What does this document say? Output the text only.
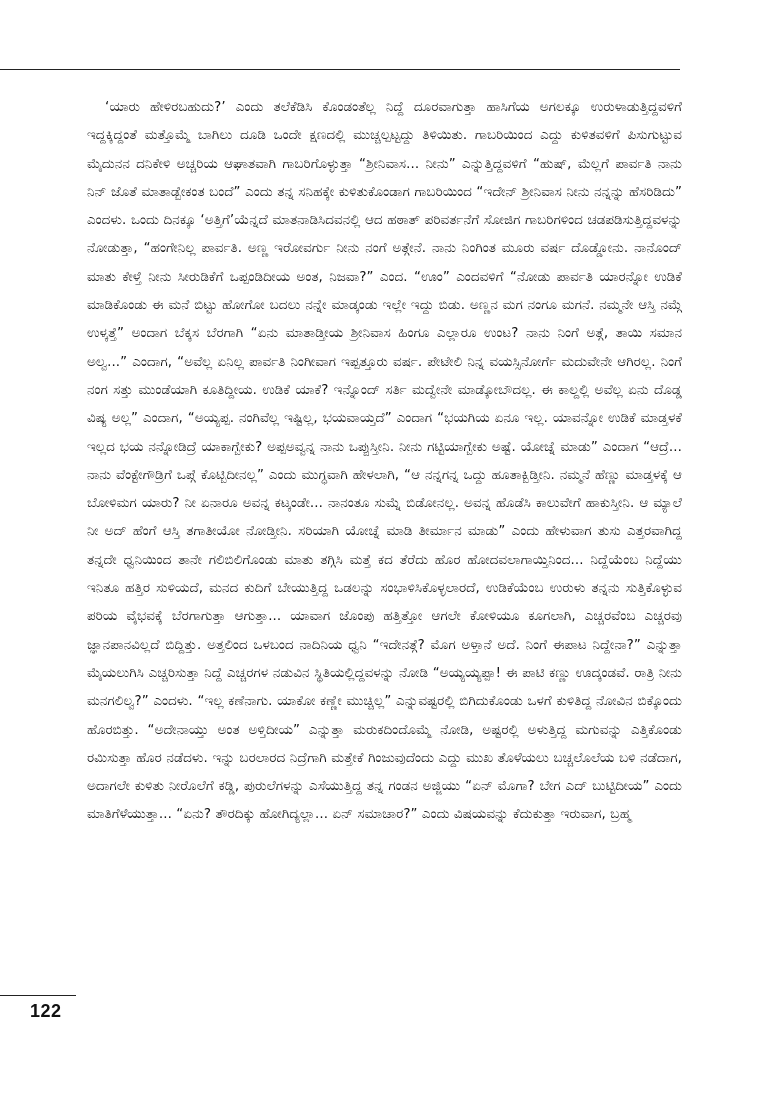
‘ಯಾರು ಹೇಳಿರಬಹುದು?’ ಎಂದು ತಲೆಕೆಡಿಸಿ ಕೊಂಡಂತೆಲ್ಲ ನಿದ್ದೆ ದೂರವಾಗುತ್ತಾ ಹಾಸಿಗೆಯ ಅಗಲಕ್ಕೂ ಉರುಳಾಡುತ್ತಿದ್ದವಳಿಗೆ ಇದ್ದಕ್ಕಿದ್ದಂತೆ ಮತ್ತೊಮ್ಮೆ ಬಾಗಿಲು ದೂಡಿ ಒಂದೇ ಕ್ಷಣದಲ್ಲಿ ಮುಚ್ಚಲ್ಪಟ್ಟದ್ದು ತಿಳಿಯಿತು. ಗಾಬರಿಯಿಂದ ಎದ್ದು ಕುಳಿತವಳಿಗೆ ಪಿಸುಗುಟ್ಟುವ ಮೈದುನನ ದನಿಕೇಳಿ ಅಚ್ಚರಿಯ ಆಘಾತವಾಗಿ ಗಾಬರಿಗೊಳ್ಳುತ್ತಾ “ಶ್ರೀನಿವಾಸ... ನೀನು” ಎನ್ನುತ್ತಿದ್ದವಳಿಗೆ “ಹುಷ್, ಮೆಲ್ಲಗೆ ಪಾರ್ವತಿ ನಾನು ನಿನ್ ಜೊತೆ ಮಾತಾಡ್ಬೇಕಂತ ಬಂದೆ” ಎಂದು ತನ್ನ ಸನಿಹಕ್ಕೇ ಕುಳಿತುಕೊಂಡಾಗ ಗಾಬರಿಯಿಂದ “ಇದೇನ್ ಶ್ರೀನಿವಾಸ ನೀನು ನನ್ನನ್ನು ಹೆಸರಿಡಿದು” ಎಂದಳು. ಒಂದು ದಿನಕ್ಕೂ ‘ಅತ್ತಿಗೆ’ಯೆನ್ನದೆ ಮಾತನಾಡಿಸಿದವನಲ್ಲಿ ಆದ ಹಠಾತ್ ಪರಿವರ್ತನೆಗೆ ಸೋಜಿಗ ಗಾಬರಿಗಳಿಂದ ಚಡಪಡಿಸುತ್ತಿದ್ದವಳನ್ನು ನೋಡುತ್ತಾ, “ಹಂಗೇನಿಲ್ಲ ಪಾರ್ವತಿ. ಅಣ್ಣ ಇರೋವರ್ಗು ನೀನು ನಂಗೆ ಅತ್ಗೇನೆ. ನಾನು ನಿಂಗಿಂತ ಮೂರು ವರ್ಷ ದೊಡ್ಡೋನು. ನಾನೊಂದ್ ಮಾತು ಕೇಳ್ತೆ ನೀನು ಸೀರುಡಿಕೆಗೆ ಒಪ್ಪಂಡಿದೀಯ ಅಂತ, ನಿಜವಾ?” ಎಂದ. “ಊಂ” ಎಂದವಳಿಗೆ “ನೋಡು ಪಾರ್ವತಿ ಯಾರನ್ನೋ ಉಡಿಕೆ ಮಾಡಿಕೊಂಡು ಈ ಮನೆ ಬಿಟ್ಟು ಹೋಗೋ ಬದಲು ನನ್ನೇ ಮಾಡ್ಕಂಡು ಇಲ್ಲೇ ಇದ್ದು ಬಿಡು. ಅಣ್ಣನ ಮಗ ನಂಗೂ ಮಗನೆ. ನಮ್ಮನೇ ಆಸ್ತಿ ನಮ್ಗೆ ಉಳ್ಕತ್ತೆ” ಅಂದಾಗ ಬೆಕ್ಕಸ ಬೆರಗಾಗಿ “ಏನು ಮಾತಾಡ್ತೀಯ ಶ್ರೀನಿವಾಸ ಹಿಂಗೂ ಎಲ್ಲಾರೂ ಉಂಟ? ನಾನು ನಿಂಗೆ ಅತ್ಗೆ, ತಾಯಿ ಸಮಾನ ಅಲ್ವ...” ಎಂದಾಗ, “ಅವೆಲ್ಲ ಏನಿಲ್ಲ ಪಾರ್ವತಿ ನಿಂಗೀವಾಗ ಇಪ್ಪತ್ತೂರು ವರ್ಷ. ಪೇಟೇಲಿ ನಿನ್ನ ವಯಸ್ಸಿನೋರ್ಗೆ ಮದುವೇನೇ ಆಗಿರಲ್ಲ. ನಿಂಗೆ ನಂಗ ಸತ್ತು ಮುಂಡೆಯಾಗಿ ಕೂತಿದ್ದೀಯ. ಉಡಿಕೆ ಯಾಕೆ? ಇನ್ನೊಂದ್ ಸರ್ತಿ ಮದ್ವೇನೇ ಮಾಡ್ಕೋಬೌದಲ್ಲ. ಈ ಕಾಲ್ದಲ್ಲಿ ಅವೆಲ್ಲ ಏನು ದೊಡ್ಡ ವಿಷ್ಯ ಅಲ್ಲ” ಎಂದಾಗ, “ಅಯ್ಯಪ್ಪ. ನಂಗಿವೆಲ್ಲ ಇಷ್ಟಿಲ್ಲ, ಭಯವಾಯ್ತದೆ” ಎಂದಾಗ “ಭಯಗಿಯ ಏನೂ ಇಲ್ಲ. ಯಾವನ್ನೋ ಉಡಿಕೆ ಮಾಡ್ತಳಕೆ ಇಲ್ಲದ ಭಯ ನನ್ನೋಡಿದ್ರೆ ಯಾಕಾಗ್ಬೇಕು? ಅಪ್ಪಅವ್ವನ್ನ ನಾನು ಒಪ್ಪುಸ್ತೀನಿ. ನೀನು ಗಟ್ಟಿಯಾಗ್ಬೇಕು ಅಷ್ಟೆ. ಯೋಚ್ನೆ ಮಾಡು” ಎಂದಾಗ “ಆದ್ರೆ... ನಾನು ವೆಂಕ್ಟೇಗೌಡ್ರಿಗೆ ಒಪ್ಗೆ ಕೊಟ್ಬಿದೀನಲ್ಲ” ಎಂದು ಮುಗ್ಧವಾಗಿ ಹೇಳಲಾಗಿ, “ಆ ನನ್ನಗನ್ನ ಒದ್ದು ಹೂತಾಕ್ಬಿಡ್ತೀನಿ. ನಮ್ಮನೆ ಹೆಣ್ಣು ಮಾಡ್ತಳಕ್ಕೆ ಆ ಬೋಳಿಮಗ ಯಾರು? ನೀ ಏನಾರೂ ಅವನ್ನ ಕಟ್ಕಂಡೇ... ನಾನಂತೂ ಸುಮ್ನೆ ಬಿಡೋನಲ್ಲ. ಅವನ್ನ ಹೊಡೆಸಿ ಕಾಲುವೇಗೆ ಹಾಕುಸ್ತೀನಿ. ಆ ಮ್ಯಾಲೆ ನೀ ಅದ್ ಹೆಂಗೆ ಆಸ್ತಿ ತಗಾತೀಯೋ ನೋಡ್ತೀನಿ. ಸರಿಯಾಗಿ ಯೋಚ್ನೆ ಮಾಡಿ ತೀರ್ಮಾನ ಮಾಡು” ಎಂದು ಹೇಳುವಾಗ ತುಸು ಎತ್ತರವಾಗಿದ್ದ ತನ್ನದೇ ಧ್ವನಿಯಿಂದ ತಾನೇ ಗಲಿಬಿಲಿಗೊಂಡು ಮಾತು ತಗ್ಗಿಸಿ ಮತ್ತೆ ಕದ ತೆರೆದು ಹೊರ ಹೋದವಲಾಗಾಯ್ತಿನಿಂದ... ನಿದ್ದೆಯೆಂಬ ನಿದ್ದೆಯು ಇನಿತೂ ಹತ್ತಿರ ಸುಳಿಯದೆ, ಮನದ ಕುದಿಗೆ ಬೇಯುತ್ತಿದ್ದ ಒಡಲನ್ನು ಸಂಭಾಳಿಸಿಕೊಳ್ಳಲಾರದೆ, ಉಡಿಕೆಯೆಂಬ ಉರುಳು ತನ್ನನು ಸುತ್ತಿಕೊಳ್ಳುವ ಪರಿಯ ವೈಭವಕ್ಕೆ ಬೆರಗಾಗುತ್ತಾ ಆಗುತ್ತಾ... ಯಾವಾಗ ಜೊಂಪು ಹತ್ತಿತ್ತೋ ಆಗಲೇ ಕೋಳಿಯೂ ಕೂಗಲಾಗಿ, ಎಚ್ಚರವೆಂಬ ಎಚ್ಚರವು ಜ್ಞಾನಪಾನವಿಲ್ಲದೆ ಬಿದ್ದಿತ್ತು. ಅತ್ತಲಿಂದ ಒಳಬಂದ ನಾದಿನಿಯ ಧ್ವನಿ “ಇದೇನತ್ಗೆ? ಮೊಗ ಅಳ್ತಾನೆ ಅದೆ. ನಿಂಗೆ ಈಪಾಟ ನಿದ್ದೇನಾ?” ಎನ್ನುತ್ತಾ ಮೈಯಲುಗಿಸಿ ಎಚ್ಚರಿಸುತ್ತಾ ನಿದ್ದೆ ಎಚ್ಚರಗಳ ನಡುವಿನ ಸ್ಥಿತಿಯಲ್ಲಿದ್ದವಳನ್ನು ನೋಡಿ “ಅಯ್ಯಯ್ಯಪ್ಪಾ! ಈ ಪಾಟಿ ಕಣ್ಣು ಊದ್ಕಂಡವೆ. ರಾತ್ರಿ ನೀನು ಮನಗಲಿಲ್ವ?” ಎಂದಳು. “ಇಲ್ಲ ಕಣೆನಾಗು. ಯಾಕೋ ಕಣ್ಣೇ ಮುಚ್ಚಿಲ್ಲ” ಎನ್ನುವಷ್ಟರಲ್ಲಿ ಬಿಗಿದುಕೊಂಡು ಒಳಗೆ ಕುಳಿತಿದ್ದ ನೋವಿನ ಬಿಕ್ಕೊಂದು ಹೊರಬಿತ್ತು. “ಅದೇನಾಯ್ತು ಅಂತ ಅಳ್ತಿದೀಯ” ಎನ್ನುತ್ತಾ ಮರುಕದಿಂದೊಮ್ಮೆ ನೋಡಿ, ಅಷ್ಟರಲ್ಲಿ ಅಳುತ್ತಿದ್ದ ಮಗುವನ್ನು ಎತ್ತಿಕೊಂಡು ರಮಿಸುತ್ತಾ ಹೊರ ನಡೆದಳು. ಇನ್ನು ಬರಲಾರದ ನಿದ್ರೆಗಾಗಿ ಮತ್ತೇಕೆ ಗಿಂಜುವುದೆಂದು ಎದ್ದು ಮುಖ ತೊಳೆಯಲು ಬಚ್ಚಲೊಲೆಯ ಬಳಿ ನಡೆದಾಗ, ಅದಾಗಲೇ ಕುಳಿತು ನೀರೊಲೆಗೆ ಕಡ್ಡಿ, ಪುರುಲೆಗಳನ್ನು ಎಸೆಯುತ್ತಿದ್ದ ತನ್ನ ಗಂಡನ ಅಜ್ಜಿಯು “ಏನ್ ಮೊಗಾ? ಬೇಗ ಎದ್ ಬುಟ್ಟಿದೀಯ” ಎಂದು ಮಾತಿಗೆಳೆಯುತ್ತಾ... “ಏನು? ತೌರದಿಕ್ಕು ಹೋಗಿದ್ಯಲ್ಲಾ... ಏನ್ ಸಮಾಚಾರ?” ಎಂದು ವಿಷಯವನ್ನು ಕೆದುಕುತ್ತಾ ಇರುವಾಗ, ಬ್ರಹ್ಮ

122
